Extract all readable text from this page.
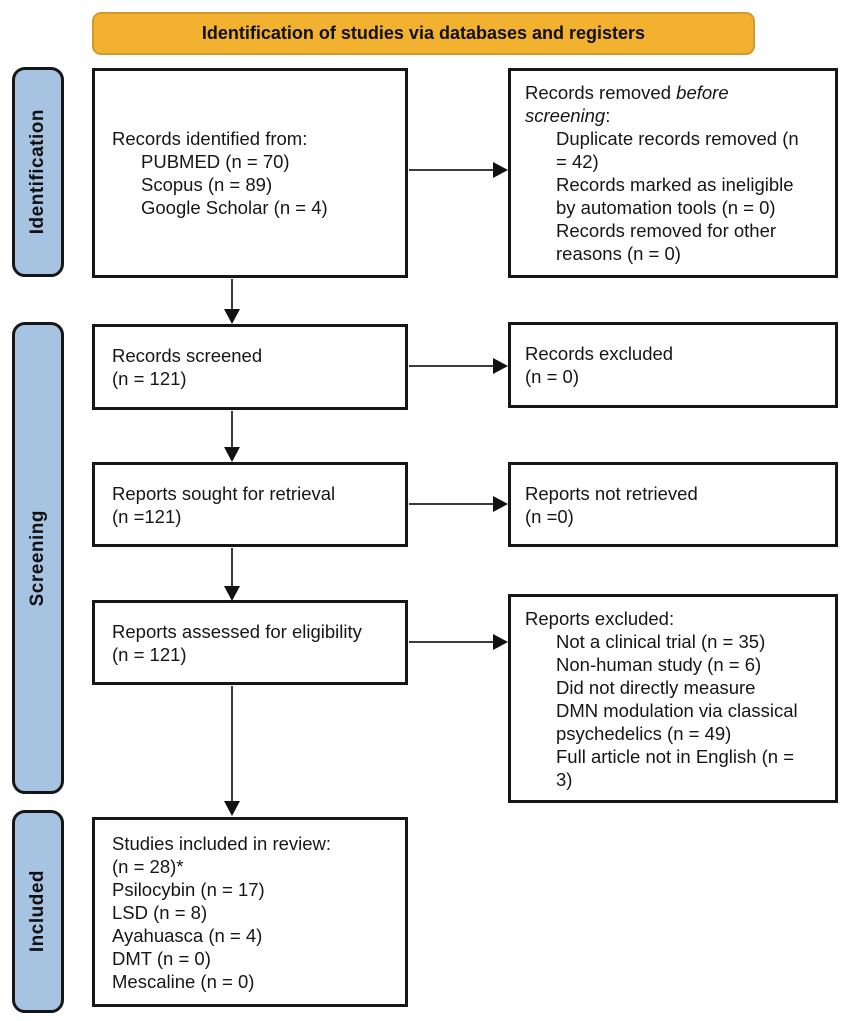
Identification of studies via databases and registers
Identification
Screening
Included
Records identified from:
PUBMED (n = 70)
Scopus (n = 89)
Google Scholar (n = 4)
Records screened
(n = 121)
Reports sought for retrieval
(n =121)
Reports assessed for eligibility
(n = 121)
Studies included in review:
(n = 28)*
Psilocybin (n = 17)
LSD (n = 8)
Ayahuasca (n = 4)
DMT (n = 0)
Mescaline (n = 0)
Records removed before
screening:
Duplicate records removed (n
= 42)
Records marked as ineligible
by automation tools (n = 0)
Records removed for other
reasons (n = 0)
Records excluded
(n = 0)
Reports not retrieved
(n =0)
Reports excluded:
Not a clinical trial (n = 35)
Non-human study (n = 6)
Did not directly measure
DMN modulation via classical
psychedelics (n = 49)
Full article not in English (n =
3)
